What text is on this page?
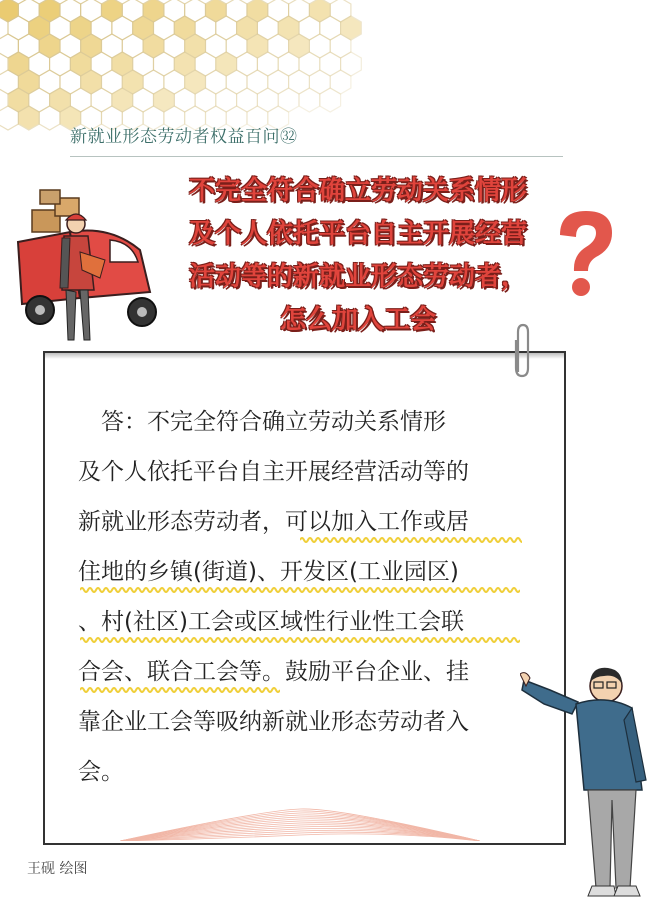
新就业形态劳动者权益百问㉜
不完全符合确立劳动关系情形
及个人依托平台自主开展经营
活动等的新就业形态劳动者，
怎么加入工会
　答：不完全符合确立劳动关系情形
及个人依托平台自主开展经营活动等的
新就业形态劳动者，可以加入工作或居
住地的乡镇(街道)、开发区(工业园区)
、村(社区)工会或区域性行业性工会联
合会、联合工会等。鼓励平台企业、挂
靠企业工会等吸纳新就业形态劳动者入
会。
王砚 绘图
